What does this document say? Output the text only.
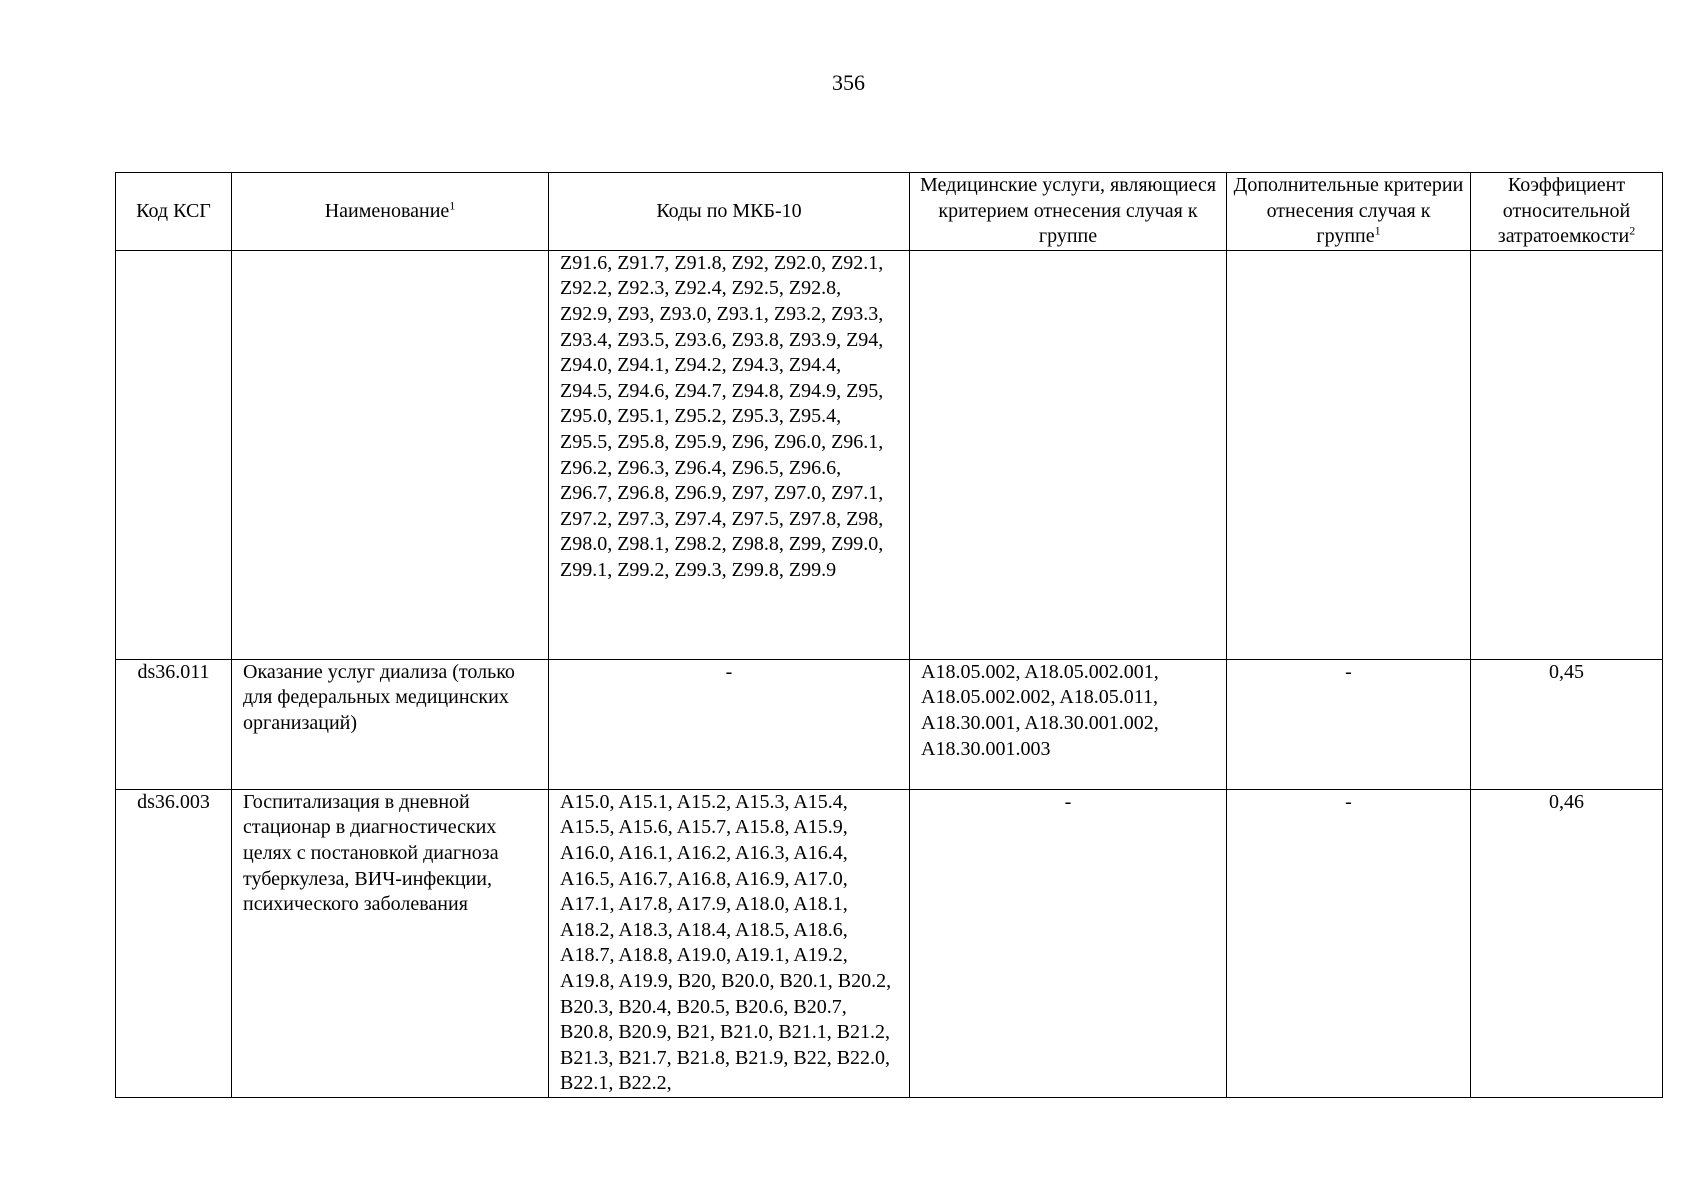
356
Код КСГ	Наименование$^1$	Коды по МКБ-10	Медицинские услуги, являющиеся критерием отнесения случая к группе	Дополнительные критерии отнесения случая к группе$^1$	Коэффициент относительной затратоемкости$^2$
		Z91.6, Z91.7, Z91.8, Z92, Z92.0, Z92.1, Z92.2, Z92.3, Z92.4, Z92.5, Z92.8, Z92.9, Z93, Z93.0, Z93.1, Z93.2, Z93.3, Z93.4, Z93.5, Z93.6, Z93.8, Z93.9, Z94, Z94.0, Z94.1, Z94.2, Z94.3, Z94.4, Z94.5, Z94.6, Z94.7, Z94.8, Z94.9, Z95, Z95.0, Z95.1, Z95.2, Z95.3, Z95.4, Z95.5, Z95.8, Z95.9, Z96, Z96.0, Z96.1, Z96.2, Z96.3, Z96.4, Z96.5, Z96.6, Z96.7, Z96.8, Z96.9, Z97, Z97.0, Z97.1, Z97.2, Z97.3, Z97.4, Z97.5, Z97.8, Z98, Z98.0, Z98.1, Z98.2, Z98.8, Z99, Z99.0, Z99.1, Z99.2, Z99.3, Z99.8, Z99.9			
ds36.011	Оказание услуг диализа (только для федеральных медицинских организаций)	-	A18.05.002, A18.05.002.001, A18.05.002.002, A18.05.011, A18.30.001, A18.30.001.002, A18.30.001.003	-	0,45
ds36.003	Госпитализация в дневной стационар в диагностических целях с постановкой диагноза туберкулеза, ВИЧ-инфекции, психического заболевания	A15.0, A15.1, A15.2, A15.3, A15.4, A15.5, A15.6, A15.7, A15.8, A15.9, A16.0, A16.1, A16.2, A16.3, A16.4, A16.5, A16.7, A16.8, A16.9, A17.0, A17.1, A17.8, A17.9, A18.0, A18.1, A18.2, A18.3, A18.4, A18.5, A18.6, A18.7, A18.8, A19.0, A19.1, A19.2, A19.8, A19.9, B20, B20.0, B20.1, B20.2, B20.3, B20.4, B20.5, B20.6, B20.7, B20.8, B20.9, B21, B21.0, B21.1, B21.2, B21.3, B21.7, B21.8, B21.9, B22, B22.0, B22.1, B22.2,	-	-	0,46
